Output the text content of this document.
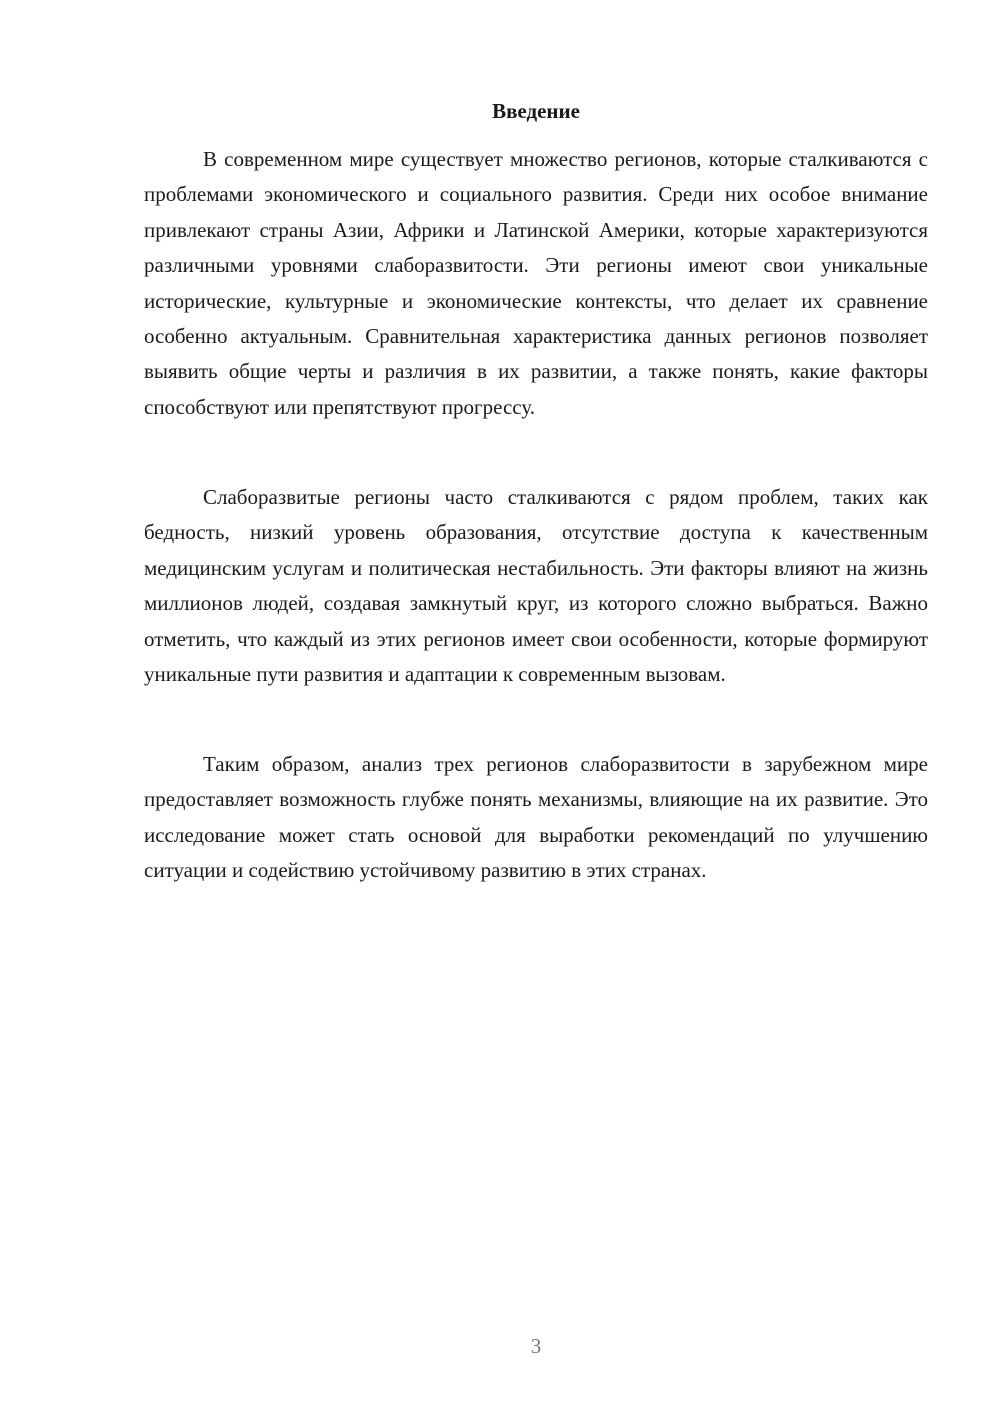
Введение

В современном мире существует множество регионов, которые сталкиваются с проблемами экономического и социального развития. Среди них особое внимание привлекают страны Азии, Африки и Латинской Америки, которые характеризуются различными уровнями слаборазвитости. Эти регионы имеют свои уникальные исторические, культурные и экономические контексты, что делает их сравнение особенно актуальным. Сравнительная характеристика данных регионов позволяет выявить общие черты и различия в их развитии, а также понять, какие факторы способствуют или препятствуют прогрессу.

Слаборазвитые регионы часто сталкиваются с рядом проблем, таких как бедность, низкий уровень образования, отсутствие доступа к качественным медицинским услугам и политическая нестабильность. Эти факторы влияют на жизнь миллионов людей, создавая замкнутый круг, из которого сложно выбраться. Важно отметить, что каждый из этих регионов имеет свои особенности, которые формируют уникальные пути развития и адаптации к современным вызовам.

Таким образом, анализ трех регионов слаборазвитости в зарубежном мире предоставляет возможность глубже понять механизмы, влияющие на их развитие. Это исследование может стать основой для выработки рекомендаций по улучшению ситуации и содействию устойчивому развитию в этих странах.

3
